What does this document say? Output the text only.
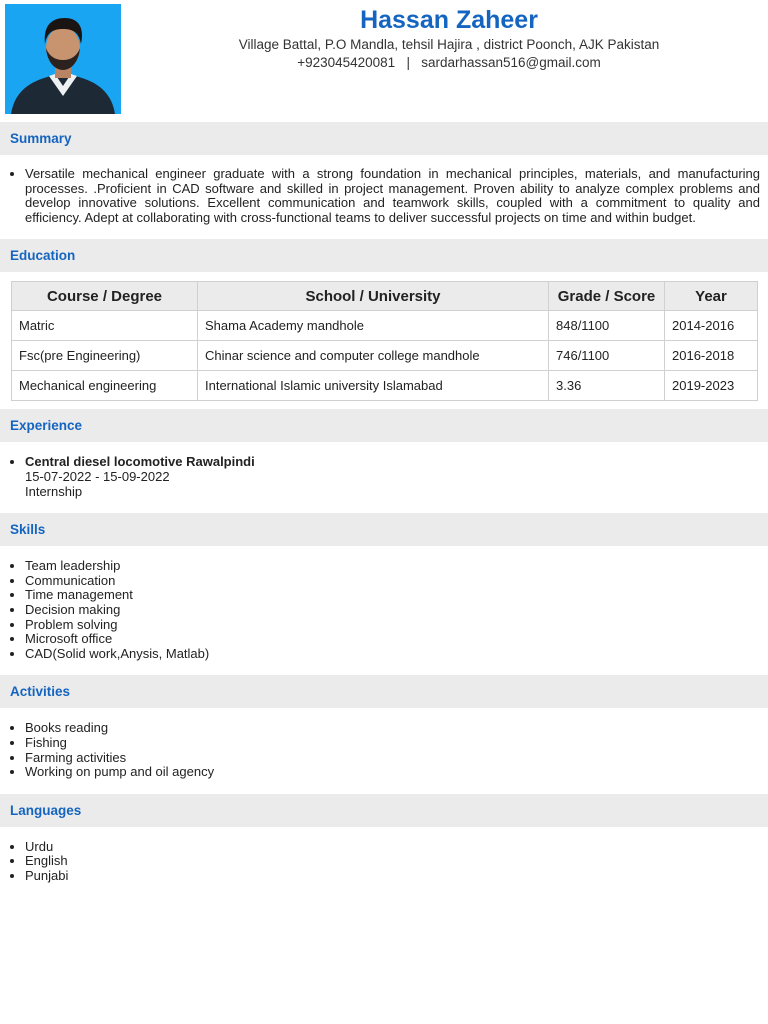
Hassan Zaheer
Village Battal, P.O Mandla, tehsil Hajira , district Poonch, AJK Pakistan
+923045420081 | sardarhassan516@gmail.com
Summary
• Versatile mechanical engineer graduate with a strong foundation in mechanical principles, materials, and manufacturing processes. .Proficient in CAD software and skilled in project management. Proven ability to analyze complex problems and develop innovative solutions. Excellent communication and teamwork skills, coupled with a commitment to quality and efficiency. Adept at collaborating with cross-functional teams to deliver successful projects on time and within budget.
Education
Course / Degree	School / University	Grade / Score	Year
Matric	Shama Academy mandhole	848/1100	2014-2016
Fsc(pre Engineering)	Chinar science and computer college mandhole	746/1100	2016-2018
Mechanical engineering	International Islamic university Islamabad	3.36	2019-2023
Experience
• Central diesel locomotive Rawalpindi
15-07-2022 - 15-09-2022
Internship
Skills
• Team leadership
• Communication
• Time management
• Decision making
• Problem solving
• Microsoft office
• CAD(Solid work,Anysis, Matlab)
Activities
• Books reading
• Fishing
• Farming activities
• Working on pump and oil agency
Languages
• Urdu
• English
• Punjabi
